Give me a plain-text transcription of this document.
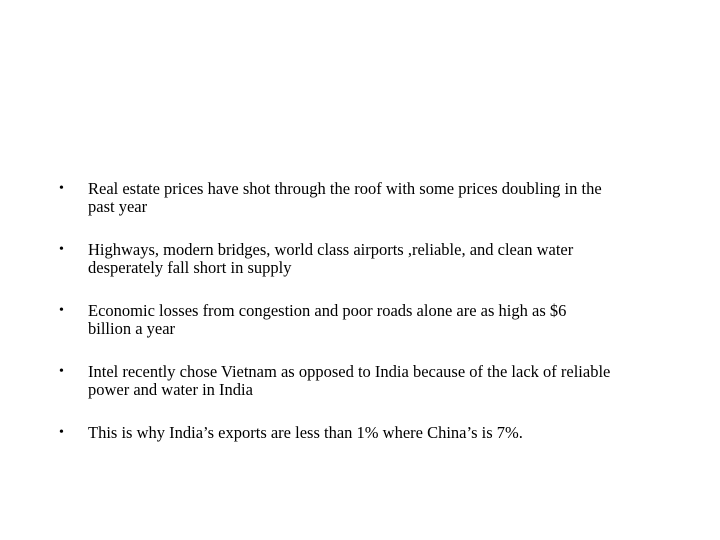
• Real estate prices have shot through the roof with some prices doubling in the
past year
• Highways, modern bridges, world class airports ,reliable, and clean water
desperately fall short in supply
• Economic losses from congestion and poor roads alone are as high as $6
billion a year
• Intel recently chose Vietnam as opposed to India because of the lack of reliable
power and water in India
• This is why India’s exports are less than 1% where China’s is 7%.
